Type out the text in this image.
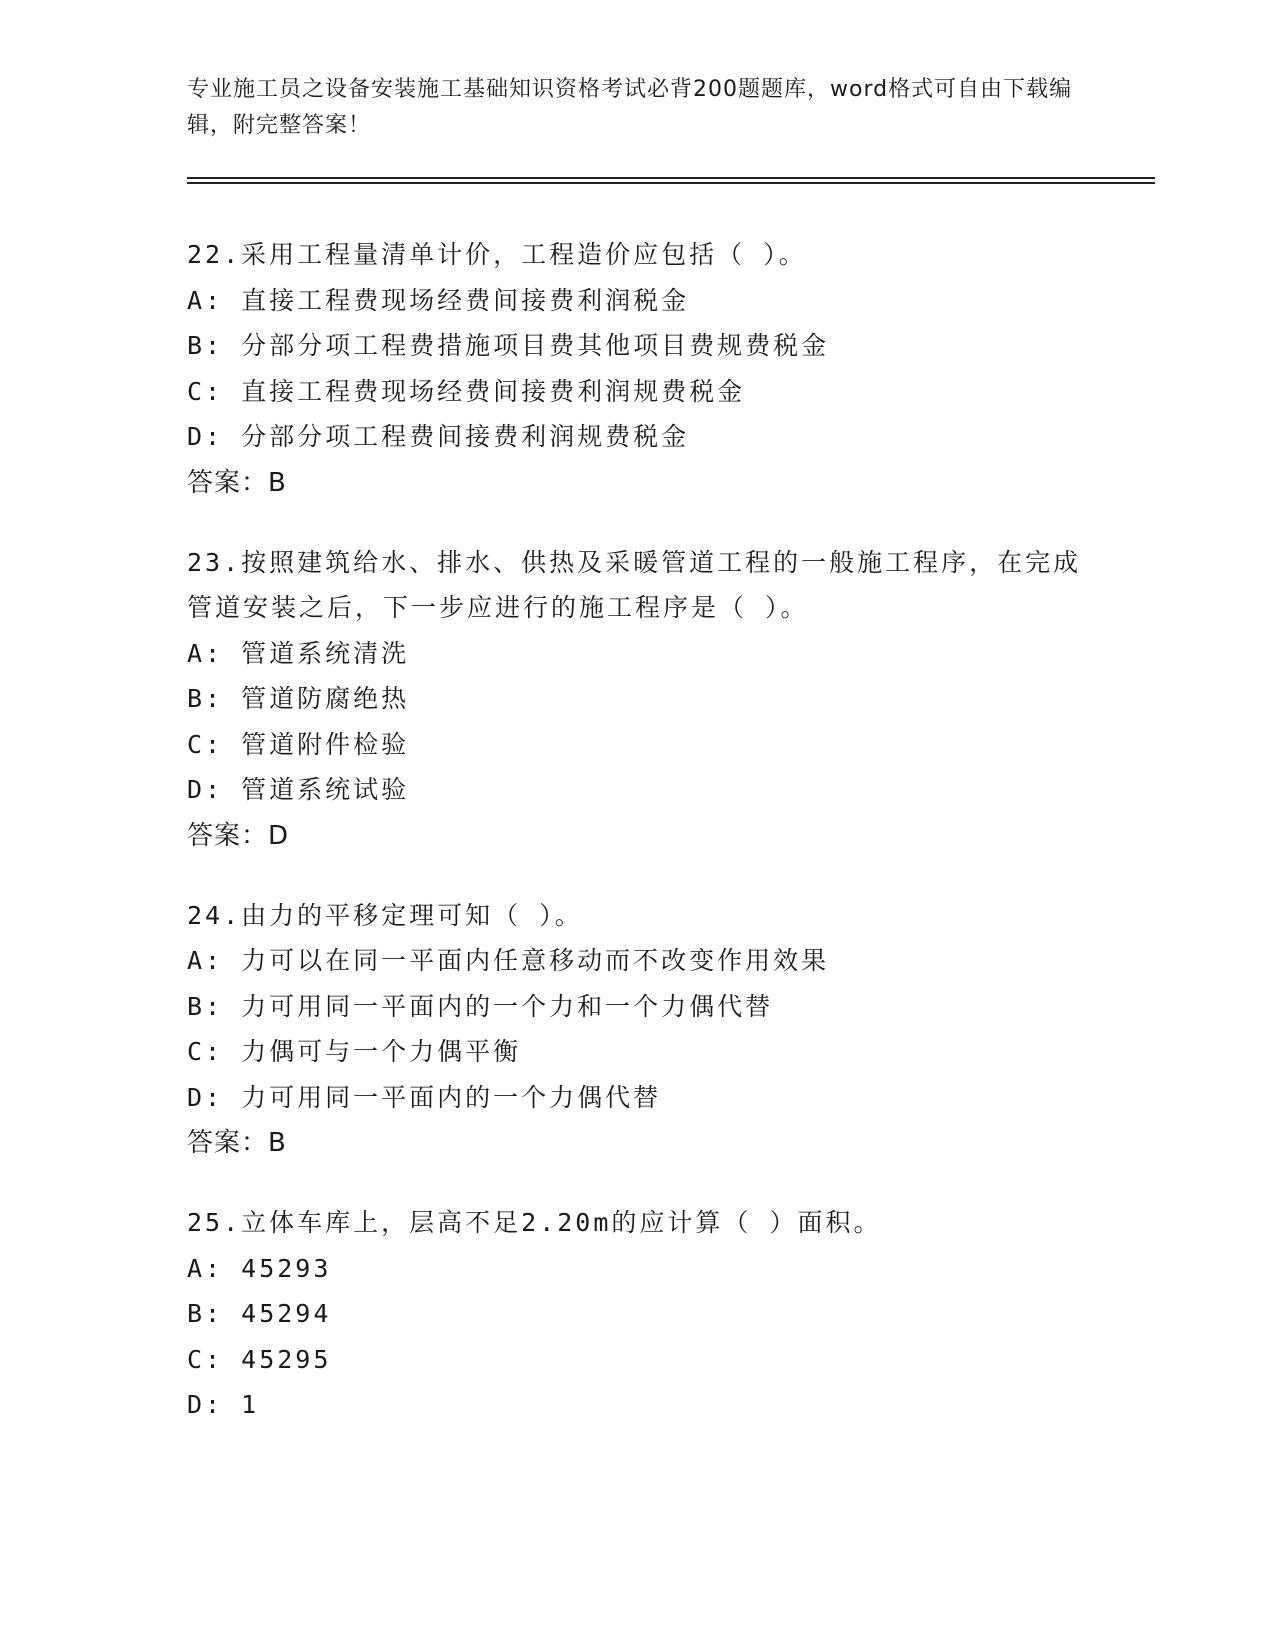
专业施工员之设备安装施工基础知识资格考试必背200题题库，word格式可自由下载编辑，附完整答案！
22.采用工程量清单计价，工程造价应包括（ ）。
A: 直接工程费现场经费间接费利润税金
B: 分部分项工程费措施项目费其他项目费规费税金
C: 直接工程费现场经费间接费利润规费税金
D: 分部分项工程费间接费利润规费税金
答案：B
23.按照建筑给水、排水、供热及采暖管道工程的一般施工程序，在完成管道安装之后，下一步应进行的施工程序是（ ）。
A: 管道系统清洗
B: 管道防腐绝热
C: 管道附件检验
D: 管道系统试验
答案：D
24.由力的平移定理可知（ ）。
A: 力可以在同一平面内任意移动而不改变作用效果
B: 力可用同一平面内的一个力和一个力偶代替
C: 力偶可与一个力偶平衡
D: 力可用同一平面内的一个力偶代替
答案：B
25.立体车库上，层高不足2.20m的应计算（ ）面积。
A: 45293
B: 45294
C: 45295
D: 1
